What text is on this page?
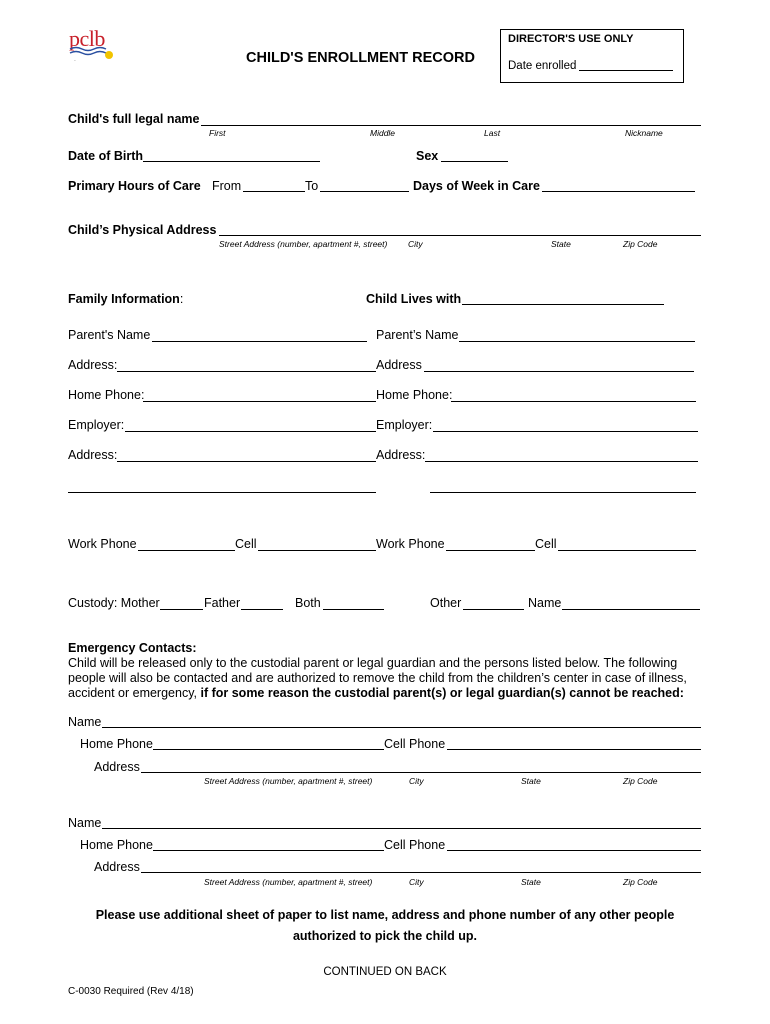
pclb
~
DIRECTOR'S USE ONLY
Date enrolled
CHILD'S ENROLLMENT RECORD
Child's full legal name
First	Middle	Last	Nickname
Date of Birth	Sex
Primary Hours of Care From	To	Days of Week in Care
Child’s Physical Address
Street Address (number, apartment #, street) City	State	Zip Code
Family Information:	Child Lives with
Parent's Name	Parent’s Name
Address:	Address
Home Phone:	Home Phone:
Employer:	Employer:
Address:	Address:
Work Phone	Cell	Work Phone	Cell
Custody: Mother	Father	Both	Other	Name
Emergency Contacts:
Child will be released only to the custodial parent or legal guardian and the persons listed below. The following
people will also be contacted and are authorized to remove the child from the children’s center in case of illness,
accident or emergency, if for some reason the custodial parent(s) or legal guardian(s) cannot be reached:
Name
Home Phone	Cell Phone
Address
Street Address (number, apartment #, street)	City	State	Zip Code
Name
Home Phone	Cell Phone
Address
Street Address (number, apartment #, street)	City	State	Zip Code
Please use additional sheet of paper to list name, address and phone number of any other people
authorized to pick the child up.
CONTINUED ON BACK
C-0030 Required (Rev 4/18)
